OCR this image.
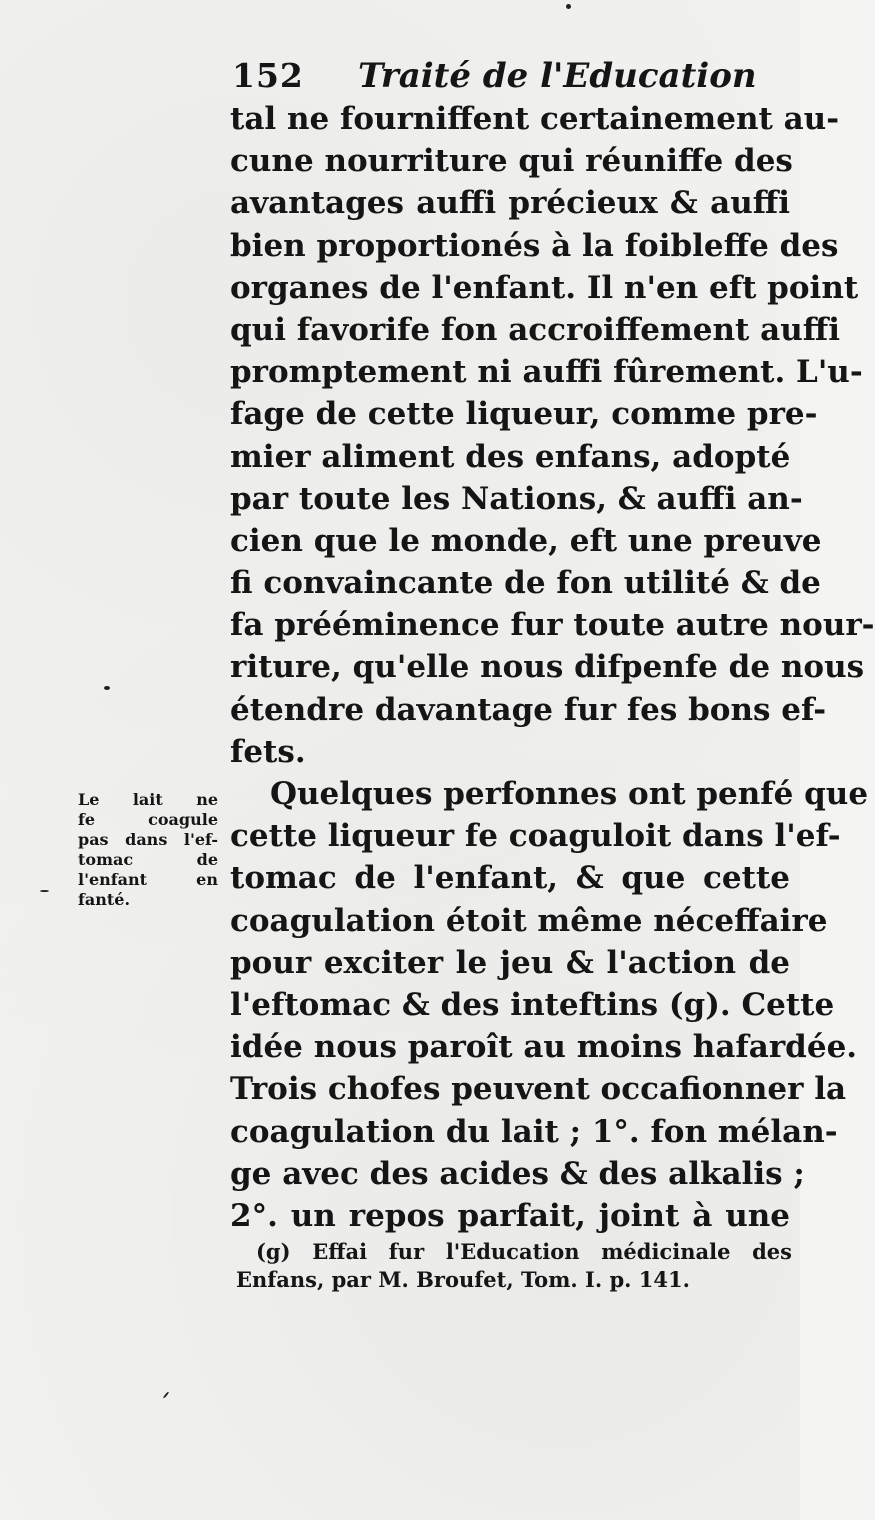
152 Traité de l'Education
tal ne fourniffent certainement au-
cune nourriture qui réuniffe des
avantages auffi précieux & auffi
bien proportionés à la foibleffe des
organes de l'enfant. Il n'en eft point
qui favorife fon accroiffement auffi
promptement ni auffi fûrement. L'u-
fage de cette liqueur, comme pre-
mier aliment des enfans, adopté
par toute les Nations, & auffi an-
cien que le monde, eft une preuve
fi convaincante de fon utilité & de
fa prééminence fur toute autre nour-
riture, qu'elle nous difpenfe de nous
étendre davantage fur fes bons ef-
fets.
Quelques perfonnes ont penfé que
cette liqueur fe coaguloit dans l'ef-
tomac de l'enfant, & que cette
coagulation étoit même néceffaire
pour exciter le jeu & l'action de
l'eftomac & des inteftins (g). Cette
idée nous paroît au moins hafardée.
Trois chofes peuvent occafionner la
coagulation du lait ; 1°. fon mélan-
ge avec des acides & des alkalis ;
2°. un repos parfait, joint à une
Le lait ne
fe coagule
pas dans l'ef-
tomac de
l'enfant en
fanté.
(g) Effai fur l'Education médicinale des
Enfans, par M. Broufet, Tom. I. p. 141.
